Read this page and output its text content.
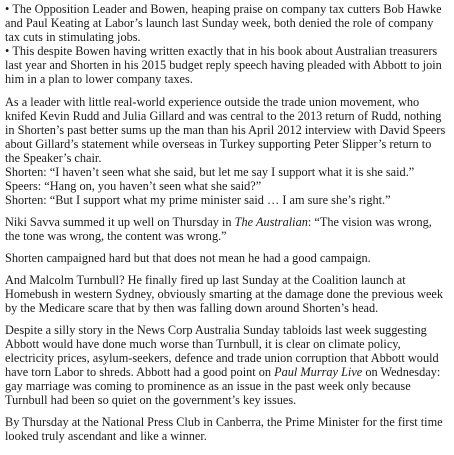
• The Opposition Leader and Bowen, heaping praise on company tax cutters Bob Hawke and Paul Keating at Labor’s launch last Sunday week, both denied the role of company tax cuts in stimulating jobs.
• This despite Bowen having written exactly that in his book about Australian treasurers last year and Shorten in his 2015 budget reply speech having pleaded with Abbott to join him in a plan to lower company taxes.

As a leader with little real-world experience outside the trade union movement, who knifed Kevin Rudd and Julia Gillard and was central to the 2013 return of Rudd, nothing in Shorten’s past better sums up the man than his April 2012 interview with David Speers about Gillard’s statement while overseas in Turkey supporting Peter Slipper’s return to the Speaker’s chair.

Shorten: “I haven’t seen what she said, but let me say I support what it is she said.”
Speers: “Hang on, you haven’t seen what she said?”
Shorten: “But I support what my prime minister said … I am sure she’s right.”

Niki Savva summed it up well on Thursday in The Australian: “The vision was wrong, the tone was wrong, the content was wrong.”

Shorten campaigned hard but that does not mean he had a good campaign.

And Malcolm Turnbull? He finally fired up last Sunday at the Coalition launch at Homebush in western Sydney, obviously smarting at the damage done the previous week by the Medicare scare that by then was falling down around Shorten’s head.

Despite a silly story in the News Corp Australia Sunday tabloids last week suggesting Abbott would have done much worse than Turnbull, it is clear on climate policy, electricity prices, asylum-seekers, defence and trade union corruption that Abbott would have torn Labor to shreds. Abbott had a good point on Paul Murray Live on Wednesday: gay marriage was coming to prominence as an issue in the past week only because Turnbull had been so quiet on the government’s key issues.

By Thursday at the National Press Club in Canberra, the Prime Minister for the first time looked truly ascendant and like a winner.
